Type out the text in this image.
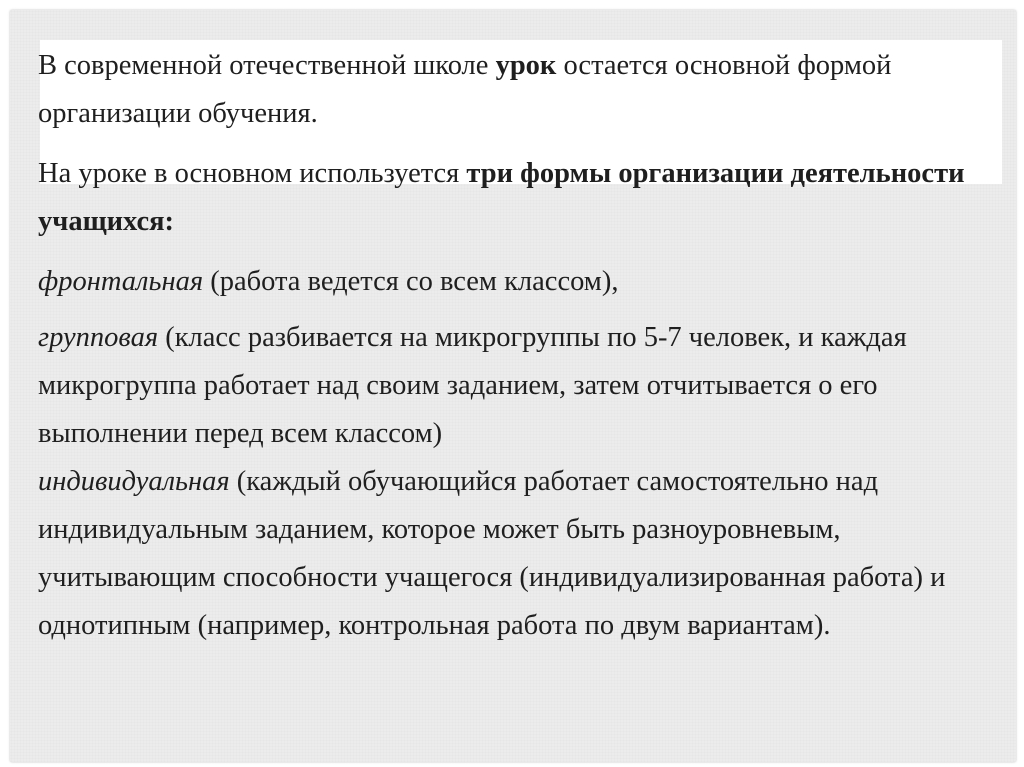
В современной отечественной школе урок остается основной формой организации обучения.

На уроке в основном используется три формы организации деятельности учащихся:

фронтальная (работа ведется со всем классом),

групповая (класс разбивается на микрогруппы по 5-7 человек, и каждая микрогруппа работает над своим заданием, затем отчитывается о его выполнении перед всем классом)

индивидуальная (каждый обучающийся работает самостоятельно над индивидуальным заданием, которое может быть разноуровневым, учитывающим способности учащегося (индивидуализированная работа) и однотипным (например, контрольная работа по двум вариантам).
